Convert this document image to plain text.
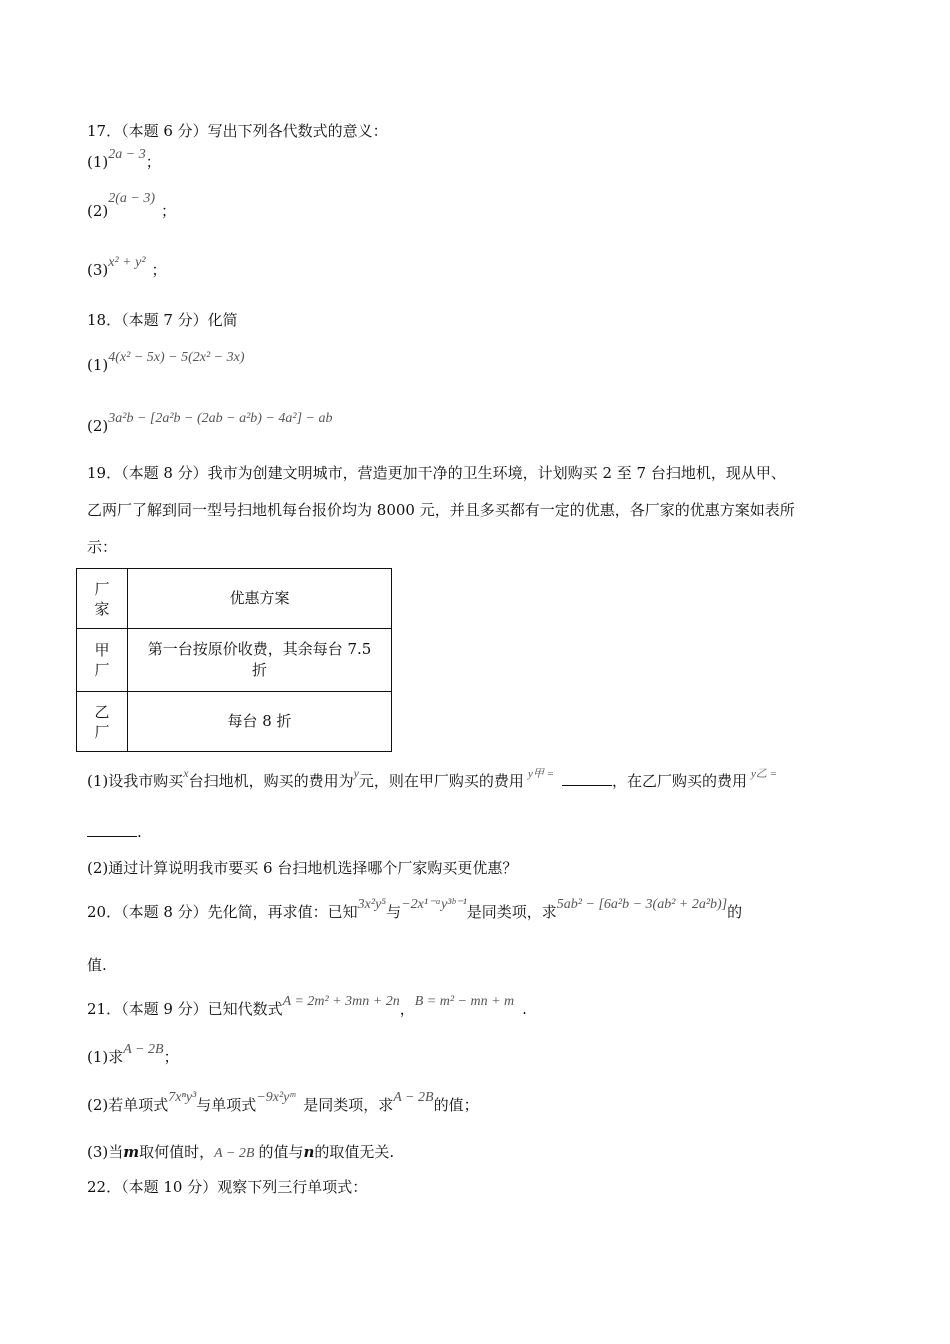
17．（本题 6 分）写出下列各代数式的意义：
(1)2a − 3；
(2)2(a − 3)；
(3)x² + y² ；
18．（本题 7 分）化简
(1)4(x² − 5x) − 5(2x² − 3x)
(2)3a²b − [2a²b − (2ab − a²b) − 4a²] − ab
19．（本题 8 分）我市为创建文明城市，营造更加干净的卫生环境，计划购买 2 至 7 台扫地机，现从甲、
乙两厂了解到同一型号扫地机每台报价均为 8000 元，并且多买都有一定的优惠，各厂家的优惠方案如表所
示：
厂
家	优惠方案
甲
厂	第一台按原价收费，其余每台 7.5
折
乙
厂	每台 8 折
(1)设我市购买$^x$台扫地机，购买的费用为$^y$元，则在甲厂购买的费用 $^{y甲 =}$	，在乙厂购买的费用 $^{y乙 =}$
.
(2)通过计算说明我市要买 6 台扫地机选择哪个厂家购买更优惠？
20．（本题 8 分）先化简，再求值：已知3x²y⁵与−2x¹⁻ᵃy³ᵇ⁻¹是同类项，求5ab² − [6a²b − 3(ab² + 2a²b)]的
值.
21．（本题 9 分）已知代数式A = 2m² + 3mn + 2n，B = m² − mn + m .
(1)求A − 2B；
(2)若单项式7xⁿy³与单项式−9x²yᵐ 是同类项，求A − 2B的值；
(3)当m取何值时，A − 2B 的值与n的取值无关.
22．（本题 10 分）观察下列三行单项式：
